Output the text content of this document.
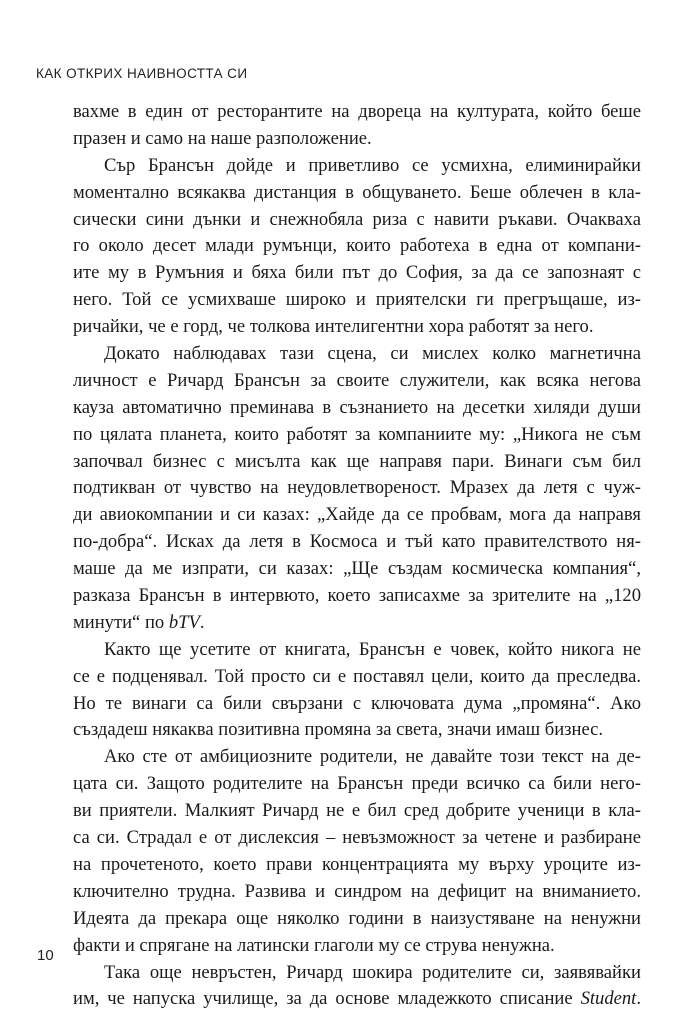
КАК ОТКРИХ НАИВНОСТТА СИ
вахме в един от ресторантите на двореца на културата, който беше
празен и само на наше разположение.
Сър Брансън дойде и приветливо се усмихна, елиминирайки
моментално всякаква дистанция в общуването. Беше облечен в кла-
сически сини дънки и снежнобяла риза с навити ръкави. Очакваха
го около десет млади румънци, които работеха в една от компани-
ите му в Румъния и бяха били път до София, за да се запознаят с
него. Той се усмихваше широко и приятелски ги прегръщаше, из-
ричайки, че е горд, че толкова интелигентни хора работят за него.
Докато наблюдавах тази сцена, си мислех колко магнетична
личност е Ричард Брансън за своите служители, как всяка негова
кауза автоматично преминава в съзнанието на десетки хиляди души
по цялата планета, които работят за компаниите му: „Никога не съм
започвал бизнес с мисълта как ще направя пари. Винаги съм бил
подтикван от чувство на неудовлетвореност. Мразех да летя с чуж-
ди авиокомпании и си казах: „Хайде да се пробвам, мога да направя
по-добра“. Исках да летя в Космоса и тъй като правителството ня-
маше да ме изпрати, си казах: „Ще създам космическа компания“,
разказа Брансън в интервюто, което записахме за зрителите на „120
минути“ по bTV.
Както ще усетите от книгата, Брансън е човек, който никога не
се е подценявал. Той просто си е поставял цели, които да преследва.
Но те винаги са били свързани с ключовата дума „промяна“. Ако
създадеш някаква позитивна промяна за света, значи имаш бизнес.
Ако сте от амбициозните родители, не давайте този текст на де-
цата си. Защото родителите на Брансън преди всичко са били него-
ви приятели. Малкият Ричард не е бил сред добрите ученици в кла-
са си. Страдал е от дислексия – невъзможност за четене и разбиране
на прочетеното, което прави концентрацията му върху уроците из-
ключително трудна. Развива и синдром на дефицит на вниманието.
Идеята да прекара още няколко години в наизустяване на ненужни
факти и спрягане на латински глаголи му се струва ненужна.
Така още невръстен, Ричард шокира родителите си, заявявайки
им, че напуска училище, за да основе младежкото списание Student.
10
